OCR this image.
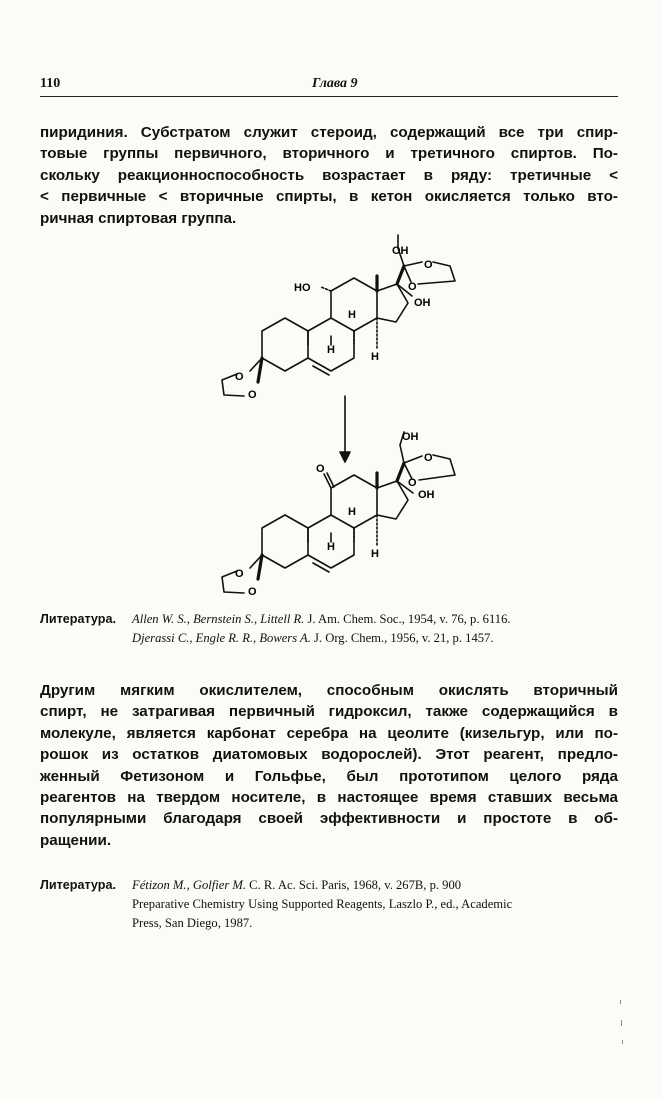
110	Глава 9
пиридиния. Субстратом служит стероид, содержащий все три спир-
товые группы первичного, вторичного и третичного спиртов. По-
скольку реакционноспособность возрастает в ряду: третичные <
< первичные < вторичные спирты, в кетон окисляется только вто-
ричная спиртовая группа.
OH
HO
OH
H
H
H
O
O
O
O
OH
O
OH
H
H
H
O
O
O
O
Литература. Allen W. S., Bernstein S., Littell R. J. Am. Chem. Soc., 1954, v. 76, p. 6116.
Djerassi C., Engle R. R., Bowers A. J. Org. Chem., 1956, v. 21, p. 1457.
Другим мягким окислителем, способным окислять вторичный
спирт, не затрагивая первичный гидроксил, также содержащийся в
молекуле, является карбонат серебра на цеолите (кизельгур, или по-
рошок из остатков диатомовых водорослей). Этот реагент, предло-
женный Фетизоном и Гольфье, был прототипом целого ряда
реагентов на твердом носителе, в настоящее время ставших весьма
популярными благодаря своей эффективности и простоте в об-
ращении.
Литература. Fétizon M., Golfier M. C. R. Ac. Sci. Paris, 1968, v. 267B, p. 900
Preparative Chemistry Using Supported Reagents, Laszlo P., ed., Academic
Press, San Diego, 1987.
